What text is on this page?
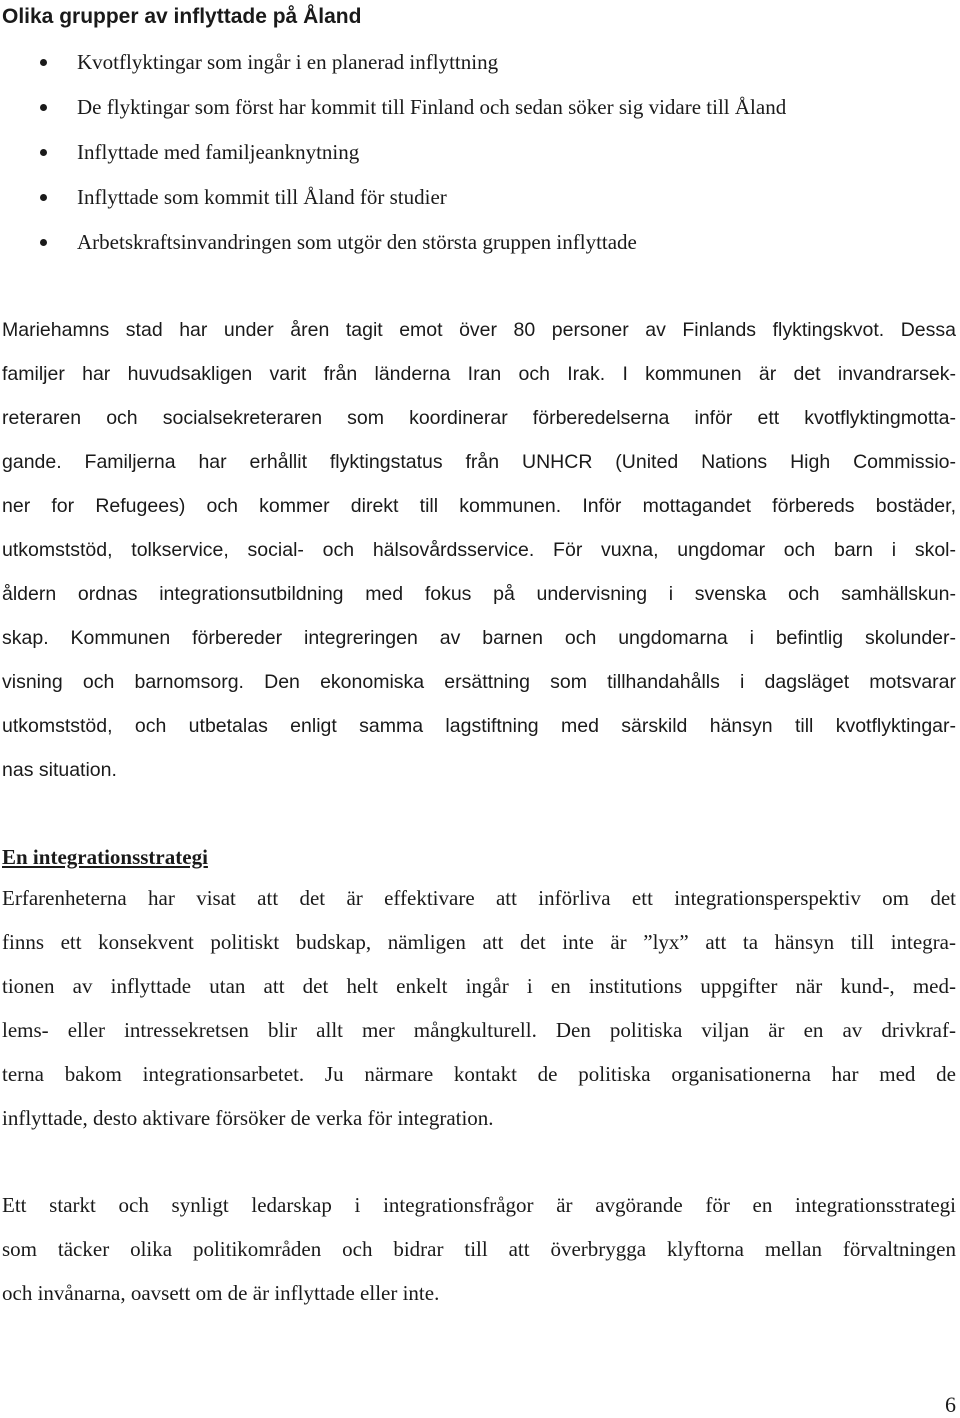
Olika grupper av inflyttade på Åland
Kvotflyktingar som ingår i en planerad inflyttning
De flyktingar som först har kommit till Finland och sedan söker sig vidare till Åland
Inflyttade med familjeanknytning
Inflyttade som kommit till Åland för studier
Arbetskraftsinvandringen som utgör den största gruppen inflyttade
Mariehamns stad har under åren tagit emot över 80 personer av Finlands flyktingskvot. Dessa
familjer har huvudsakligen varit från länderna Iran och Irak. I kommunen är det invandrarsek-
reteraren och socialsekreteraren som koordinerar förberedelserna inför ett kvotflyktingmotta-
gande. Familjerna har erhållit flyktingstatus från UNHCR (United Nations High Commissio-
ner for Refugees) och kommer direkt till kommunen. Inför mottagandet förbereds bostäder,
utkomststöd, tolkservice, social- och hälsovårdsservice. För vuxna, ungdomar och barn i skol-
åldern ordnas integrationsutbildning med fokus på undervisning i svenska och samhällskun-
skap. Kommunen förbereder integreringen av barnen och ungdomarna i befintlig skolunder-
visning och barnomsorg. Den ekonomiska ersättning som tillhandahålls i dagsläget motsvarar
utkomststöd, och utbetalas enligt samma lagstiftning med särskild hänsyn till kvotflyktingar-
nas situation.
En integrationsstrategi
Erfarenheterna har visat att det är effektivare att införliva ett integrationsperspektiv om det
finns ett konsekvent politiskt budskap, nämligen att det inte är ”lyx” att ta hänsyn till integra-
tionen av inflyttade utan att det helt enkelt ingår i en institutions uppgifter när kund-, med-
lems- eller intressekretsen blir allt mer mångkulturell. Den politiska viljan är en av drivkraf-
terna bakom integrationsarbetet. Ju närmare kontakt de politiska organisationerna har med de
inflyttade, desto aktivare försöker de verka för integration.
Ett starkt och synligt ledarskap i integrationsfrågor är avgörande för en integrationsstrategi
som täcker olika politikområden och bidrar till att överbrygga klyftorna mellan förvaltningen
och invånarna, oavsett om de är inflyttade eller inte.
6
